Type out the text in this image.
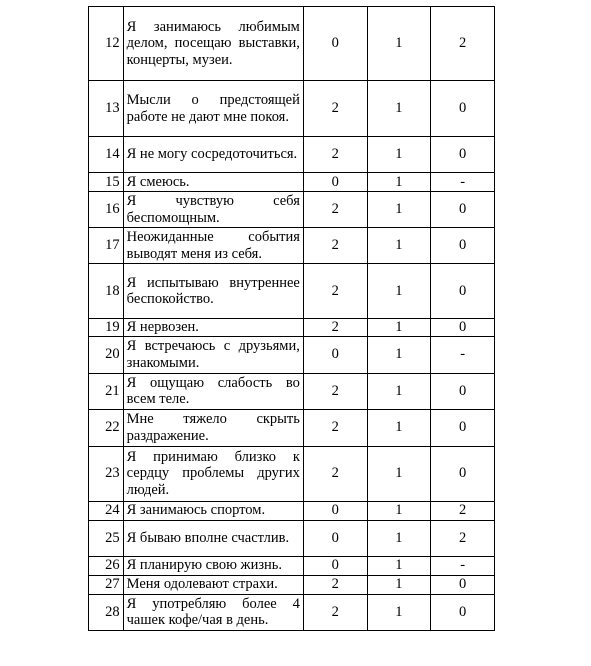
12	Я занимаюсь любимым делом, посещаю выставки, концерты, музеи.	0	1	2
13	Мысли о предстоящей работе не дают мне покоя.	2	1	0
14	Я не могу сосредоточиться.	2	1	0
15	Я смеюсь.	0	1	-
16	Я чувствую себя беспомощным.	2	1	0
17	Неожиданные события выводят меня из себя.	2	1	0
18	Я испытываю внутреннее беспокойство.	2	1	0
19	Я нервозен.	2	1	0
20	Я встречаюсь с друзьями, знакомыми.	0	1	-
21	Я ощущаю слабость во всем теле.	2	1	0
22	Мне тяжело скрыть раздражение.	2	1	0
23	Я принимаю близко к сердцу проблемы других людей.	2	1	0
24	Я занимаюсь спортом.	0	1	2
25	Я бываю вполне счастлив.	0	1	2
26	Я планирую свою жизнь.	0	1	-
27	Меня одолевают страхи.	2	1	0
28	Я употребляю более 4 чашек кофе/чая в день.	2	1	0
